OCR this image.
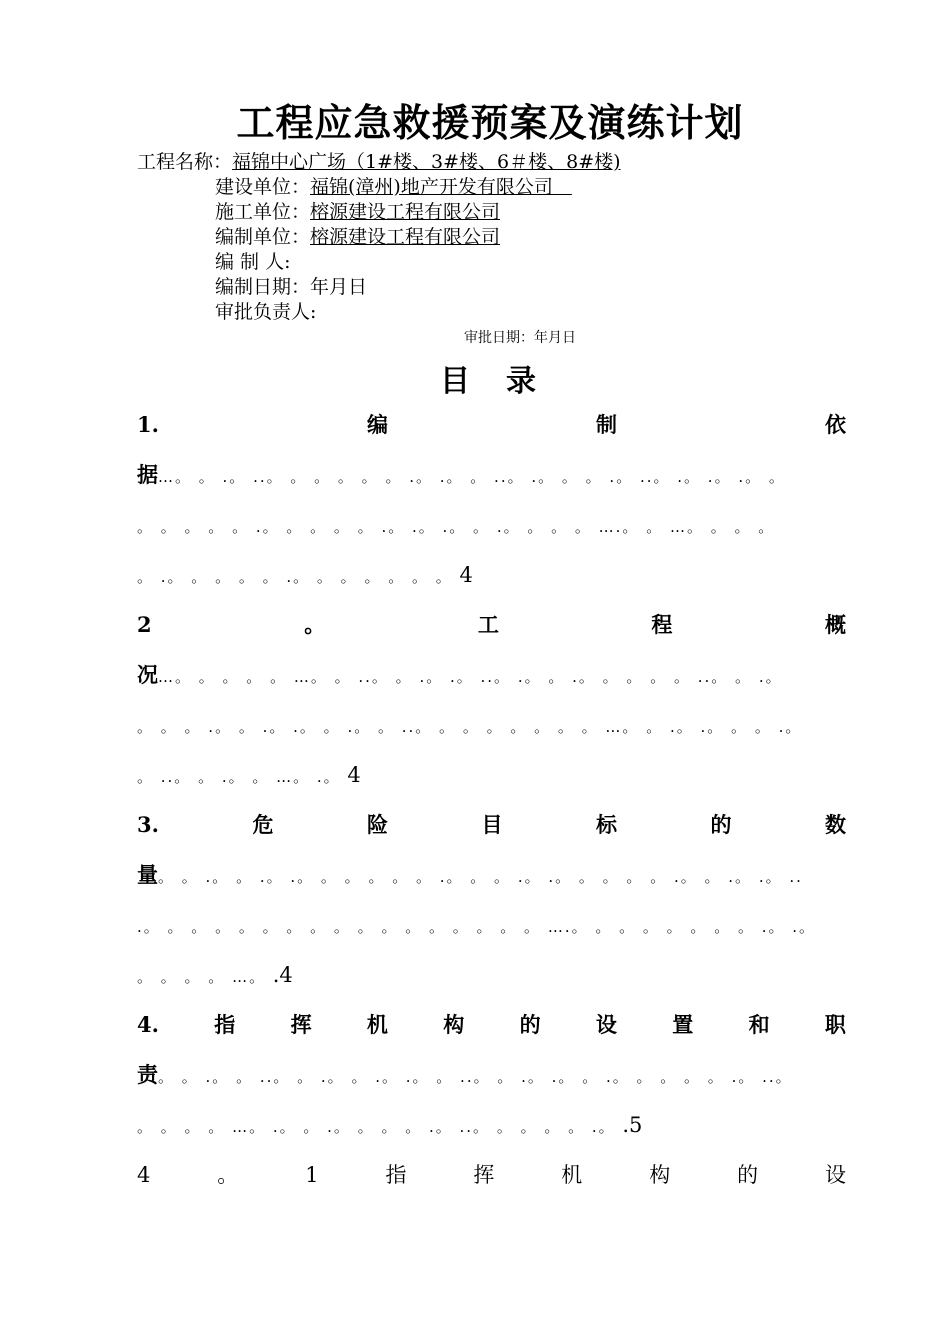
工程应急救援预案及演练计划
工程名称：福锦中心广场（1#楼、3#楼、6＃楼、8#楼)
建设单位：福锦(漳州)地产开发有限公司　
施工单位：榕源建设工程有限公司
编制单位：榕源建设工程有限公司
编 制 人:
编制日期：年月日
审批负责人:
审批日期：年月日
目录
1.	编	制	依
据…。 。 .。 ..。 。 。 。 。 。 .。 .。 。 ..。 .。 。 。 .。 ..。 .。 .。 .。 。
。 。 。 。 。 .。 。 。 。 。 .。 .。 .。 。 .。 。 。 。 ….。 。 …。 。 。 。
。 .。 。 。 。 。 .。 。 。 。 。 。 。 4
2	。	工	程	概
况…。 。 。 。 。 …。 。 ..。 。 .。 .。 ..。 .。 。 .。 。 。 。 。 ..。 。 .。
。 。 。 .。 。 .。 .。 。 .。 。 ..。 。 。 。 。 。 。 。 …。 。 .。 .。 。 。 .。
。 ..。 。 .。 。 …。 .。 4
3.	危	险	目	标	的	数
量。 。 .。 。 .。 .。 。 。 。 。 。 .。 。 。 .。 .。 。 。 。 。 .。 。 .。 .。 ..
.。 。 。 。 。 。 。 。 。 。 。 。 。 。 。 。 。 ….。 。 。 。 。 。 。 。 .。 .。
。 。 。 。 …。 .4
4.	指	挥	机	构	的	设	置	和	职
责。 。 .。 。 ..。 。 .。 。 .。 .。 。 ..。 。 .。 .。 。 .。 。 。 。 。 .。 ..。
。 。 。 。 …。 .。 。 .。 。 。 。 .。 ..。 。 。 。 。 .。 .5
4	。	1	指	挥	机	构	的	设
